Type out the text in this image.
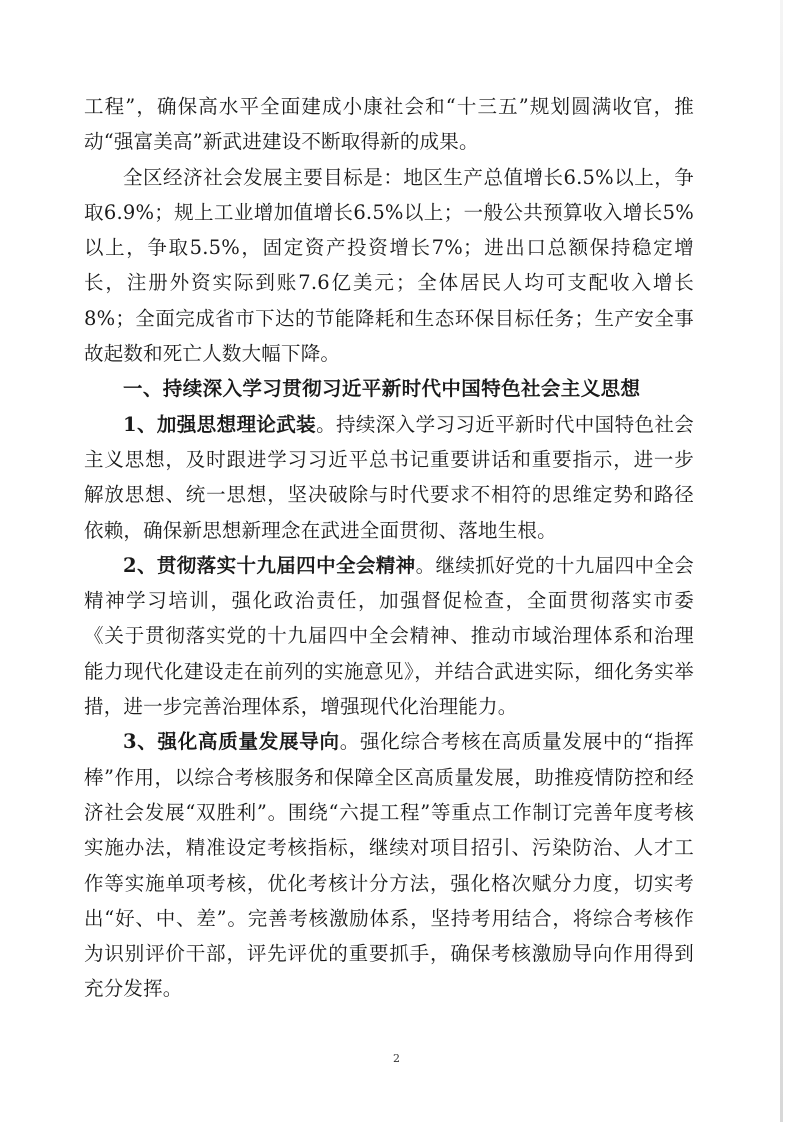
工程”，确保高水平全面建成小康社会和“十三五”规划圆满收官，推动“强富美高”新武进建设不断取得新的成果。

全区经济社会发展主要目标是：地区生产总值增长6.5%以上，争取6.9%；规上工业增加值增长6.5%以上；一般公共预算收入增长5%以上，争取5.5%，固定资产投资增长7%；进出口总额保持稳定增长，注册外资实际到账7.6亿美元；全体居民人均可支配收入增长8%；全面完成省市下达的节能降耗和生态环保目标任务；生产安全事故起数和死亡人数大幅下降。

一、持续深入学习贯彻习近平新时代中国特色社会主义思想

1、加强思想理论武装。持续深入学习习近平新时代中国特色社会主义思想，及时跟进学习习近平总书记重要讲话和重要指示，进一步解放思想、统一思想，坚决破除与时代要求不相符的思维定势和路径依赖，确保新思想新理念在武进全面贯彻、落地生根。

2、贯彻落实十九届四中全会精神。继续抓好党的十九届四中全会精神学习培训，强化政治责任，加强督促检查，全面贯彻落实市委《关于贯彻落实党的十九届四中全会精神、推动市域治理体系和治理能力现代化建设走在前列的实施意见》，并结合武进实际，细化务实举措，进一步完善治理体系，增强现代化治理能力。

3、强化高质量发展导向。强化综合考核在高质量发展中的“指挥棒”作用，以综合考核服务和保障全区高质量发展，助推疫情防控和经济社会发展“双胜利”。围绕“六提工程”等重点工作制订完善年度考核实施办法，精准设定考核指标，继续对项目招引、污染防治、人才工作等实施单项考核，优化考核计分方法，强化格次赋分力度，切实考出“好、中、差”。完善考核激励体系，坚持考用结合，将综合考核作为识别评价干部，评先评优的重要抓手，确保考核激励导向作用得到充分发挥。

2
